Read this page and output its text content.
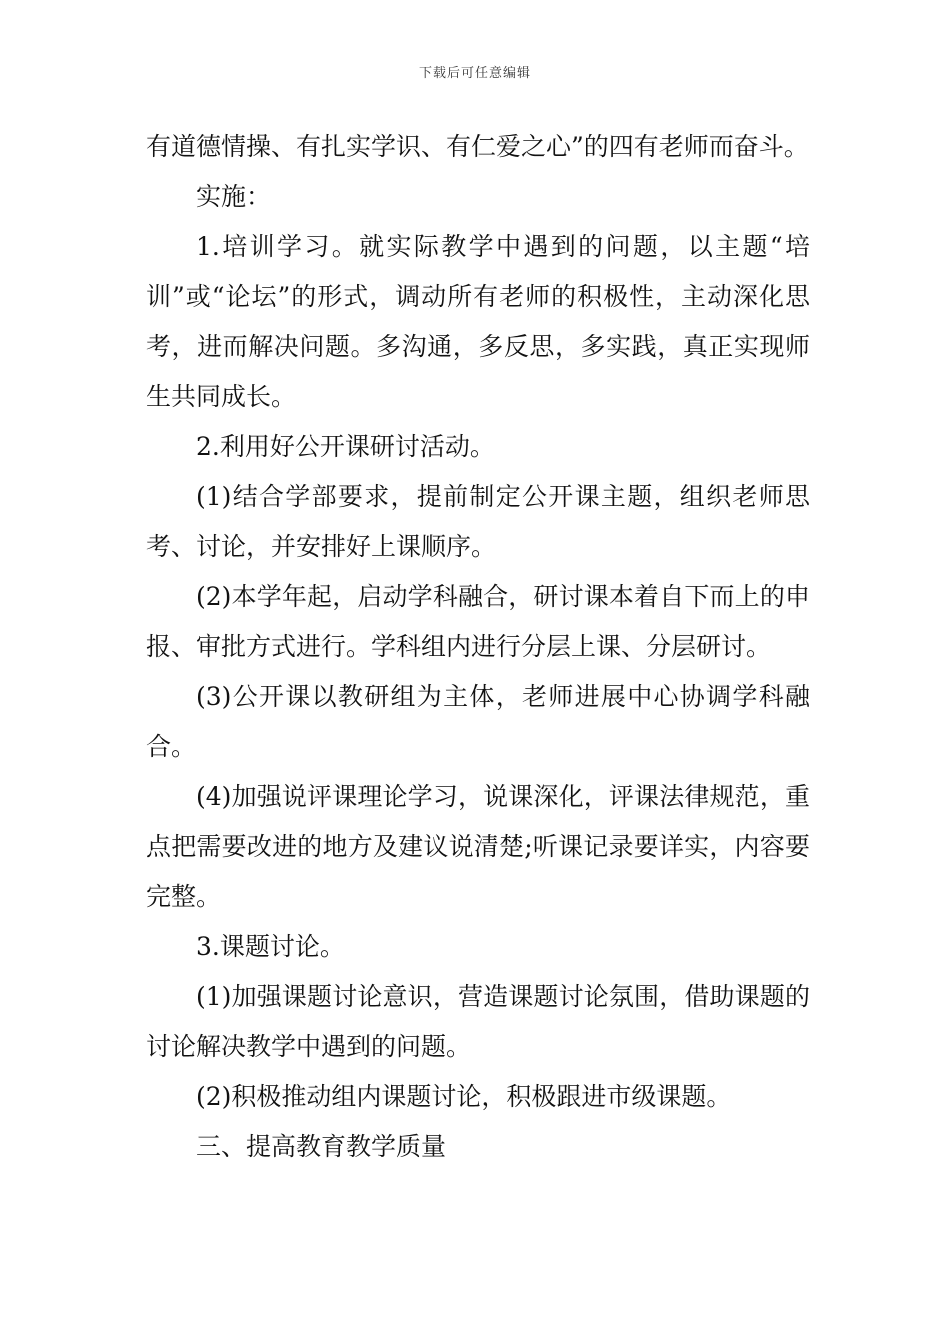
下载后可任意编辑

有道德情操、有扎实学识、有仁爱之心”的四有老师而奋斗。

实施：

1.培训学习。就实际教学中遇到的问题，以主题“培训”或“论坛”的形式，调动所有老师的积极性，主动深化思考，进而解决问题。多沟通，多反思，多实践，真正实现师生共同成长。

2.利用好公开课研讨活动。

(1)结合学部要求，提前制定公开课主题，组织老师思考、讨论，并安排好上课顺序。

(2)本学年起，启动学科融合，研讨课本着自下而上的申报、审批方式进行。学科组内进行分层上课、分层研讨。

(3)公开课以教研组为主体，老师进展中心协调学科融合。

(4)加强说评课理论学习，说课深化，评课法律规范，重点把需要改进的地方及建议说清楚;听课记录要详实，内容要完整。

3.课题讨论。

(1)加强课题讨论意识，营造课题讨论氛围，借助课题的讨论解决教学中遇到的问题。

(2)积极推动组内课题讨论，积极跟进市级课题。

三、提高教育教学质量
